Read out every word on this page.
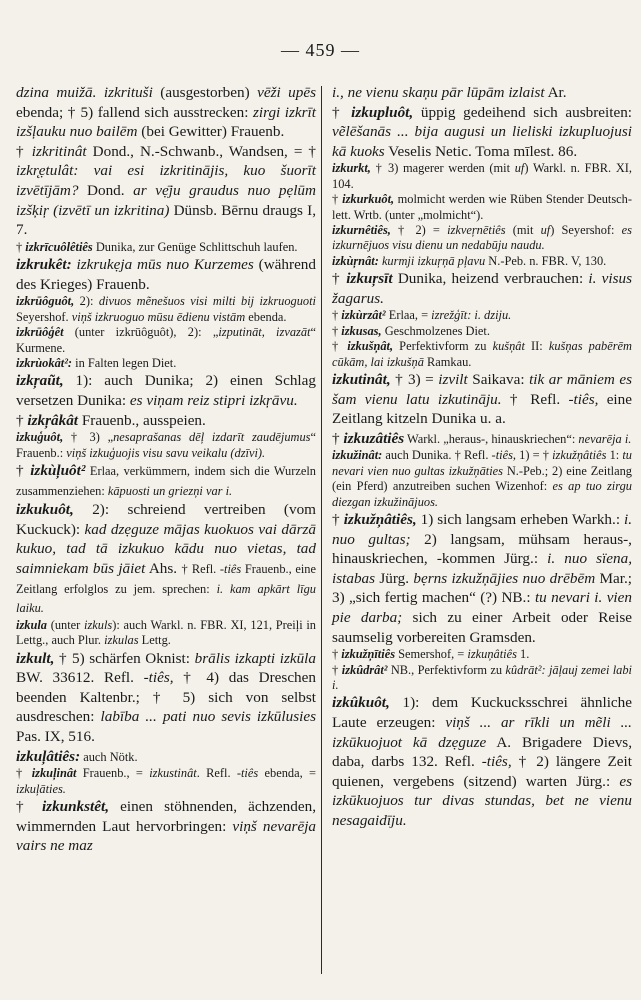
— 459 —

dzina muižā. izkrituši (ausgestorben) vēži upēs ebenda; † 5) fallend sich ausstrecken: zirgi izkrīt izšļauku nuo bailēm (bei Gewitter) Frauenb.

† izkritinât Dond., N.-Schwanb., Wandsen, = † izkr̨ẹtulât: vai esi izkritinājis, kuo šuorīt izvētījām? Dond. ar vẹ̄ju graudus nuo pẹlūm izšķiŗ (izvētī un izkritina) Dünsb. Bērnu draugs I, 7.

† izkrīcuôlêtiês Dunika, zur Genüge Schlittschuh laufen.

izkrukêt: izkrukẹja mūs nuo Kurzemes (während des Krieges) Frauenb.

izkrūôguôt, 2): divuos mẽnešuos visi milti bij izkruoguoti Seyershof. viņš izkruoguo mūsu ēdienu vistām ebenda.

izkrūôģêt (unter izkrūôguôt), 2): „izputināt, izvazāt“ Kurmene.

izkrùokât²: in Falten legen Diet.

izkŗaũt, 1): auch Dunika; 2) einen Schlag versetzen Dunika: es viņam reiz stipri izkŗāvu.

† izkŗâkât Frauenb., ausspeien.

izkuģuôt, † 3) „nesaprašanas dēļ izdarīt zaudējumus“ Frauenb.: viņš izkuģuojis visu savu veikalu (dzīvi).

† izkùļuôt² Erlaa, verkümmern, indem sich die Wurzeln zusammenziehen: kāpuosti un griezņi var i.

izkukuôt, 2): schreiend vertreiben (vom Kuckuck): kad dzẹguze mājas kuokuos vai dārzā kukuo, tad tā izkukuo kādu nuo vietas, tad saimniekam būs jāiet Ahs. † Refl. -tiês Frauenb., eine Zeitlang erfolglos zu jem. sprechen: i. kam apkārt līgu laiku.

izkula (unter izkuls): auch Warkl. n. FBR. XI, 121, Preiļi in Lettg., auch Plur. izkulas Lettg.

izkult, † 5) schärfen Oknist: brālis izkapti izkūla BW. 33612. Refl. -tiês, † 4) das Dreschen beenden Kaltenbr.; † 5) sich von selbst ausdreschen: labība ... pati nuo sevis izkūlusies Pas. IX, 516.

izkuļâtiês: auch Nötk.

† izkuļinât Frauenb., = izkustinât. Refl. -tiês ebenda, = izkuļāties.

† izkunkstêt, einen stöhnenden, ächzenden, wimmernden Laut hervorbringen: viņš nevarēja vairs ne maz

i., ne vienu skaņu pār lūpām izlaist Ar.

† izkupluôt, üppig gedeihend sich ausbreiten: vẽlēšanās ... bija augusi un lieliski izkupluojusi kā kuoks Veselis Netic. Toma mīlest. 86.

izkurkt, † 3) magerer werden (mit uf) Warkl. n. FBR. XI, 104.

† izkurkuôt, molmicht werden wie Rüben Stender Deutsch-lett. Wrtb. (unter „molmicht“).

izkurnêtiês, † 2) = izkveŗnētiês (mit uf) Seyershof: es izkurnējuos visu dienu un nedabūju naudu.

izkùŗnât: kurmji izkuŗņā pļavu N.-Peb. n. FBR. V, 130.

† izkuŗsīt Dunika, heizend verbrauchen: i. visus žagarus.

† izkùrzât² Erlaa, = izrežģīt: i. dziju.

† izkusas, Geschmolzenes Diet.

† izkušņât, Perfektivform zu kušņât II: kušņas pabērēm cūkām, lai izkušņā Ramkau.

izkutinât, † 3) = izvilt Saikava: tik ar māniem es šam vienu latu izkutināju. † Refl. -tiês, eine Zeitlang kitzeln Dunika u. a.

† izkuzâtiês Warkl. „heraus-, hinauskriechen“: nevarēja i.

izkužinât: auch Dunika. † Refl. -tiês, 1) = † izkužņâtiês 1: tu nevari vien nuo gultas izkužņāties N.-Peb.; 2) eine Zeitlang (ein Pferd) anzutreiben suchen Wizenhof: es ap tuo zirgu diezgan izkužinājuos.

† izkužņâtiês, 1) sich langsam erheben Warkh.: i. nuo gultas; 2) langsam, mühsam heraus-, hinauskriechen, -kommen Jürg.: i. nuo sïena, istabas Jürg. bẹrns izkužņājies nuo drēbēm Mar.; 3) „sich fertig machen“ (?) NB.: tu nevari i. vien pie darba; sich zu einer Arbeit oder Reise saumselig vorbereiten Gramsden.

† izkužņītiês Semershof, = izkuņâtiês 1.

† izkûdrât² NB., Perfektivform zu kûdrāt²: jāļauj zemei labi i.

izkûkuôt, 1): dem Kuckucksschrei ähnliche Laute erzeugen: viņš ... ar rīkli un mẽli ... izkūkuojuot kā dzẹguze A. Brigadere Dievs, daba, darbs 132. Refl. -tiês, † 2) längere Zeit quienen, vergebens (sitzend) warten Jürg.: es izkūkuojuos tur divas stundas, bet ne vienu nesagaidīju.
